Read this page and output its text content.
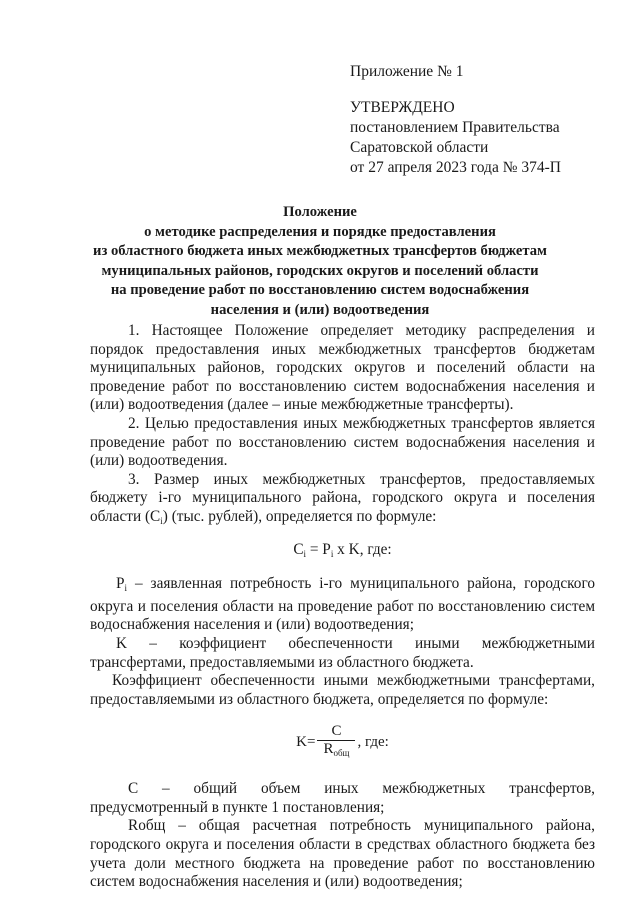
Приложение № 1
УТВЕРЖДЕНО
постановлением Правительства
Саратовской области
от 27 апреля 2023 года № 374-П
Положение
о методике распределения и порядке предоставления
из областного бюджета иных межбюджетных трансфертов бюджетам
муниципальных районов, городских округов и поселений области
на проведение работ по восстановлению систем водоснабжения
населения и (или) водоотведения

1. Настоящее Положение определяет методику распределения и порядок предоставления иных межбюджетных трансфертов бюджетам муниципальных районов, городских округов и поселений области на проведение работ по восстановлению систем водоснабжения населения и (или) водоотведения (далее – иные межбюджетные трансферты).

2. Целью предоставления иных межбюджетных трансфертов является проведение работ по восстановлению систем водоснабжения населения и (или) водоотведения.

3. Размер иных межбюджетных трансфертов, предоставляемых бюджету i-го муниципального района, городского округа и поселения области $(C_i)$ (тыс. рублей), определяется по формуле:

$C_i = P_i$ x K, где:

$P_i$ – заявленная потребность i-го муниципального района, городского округа и поселения области на проведение работ по восстановлению систем водоснабжения населения и (или) водоотведения;

K – коэффициент обеспеченности иными межбюджетными трансфертами, предоставляемыми из областного бюджета.

Коэффициент обеспеченности иными межбюджетными трансфертами, предоставляемыми из областного бюджета, определяется по формуле:

$K= \frac{C}{R_{общ}}$ , где:

С – общий объем иных межбюджетных трансфертов, предусмотренный в пункте 1 постановления;

Rобщ – общая расчетная потребность муниципального района, городского округа и поселения области в средствах областного бюджета без учета доли местного бюджета на проведение работ по восстановлению систем водоснабжения населения и (или) водоотведения;
